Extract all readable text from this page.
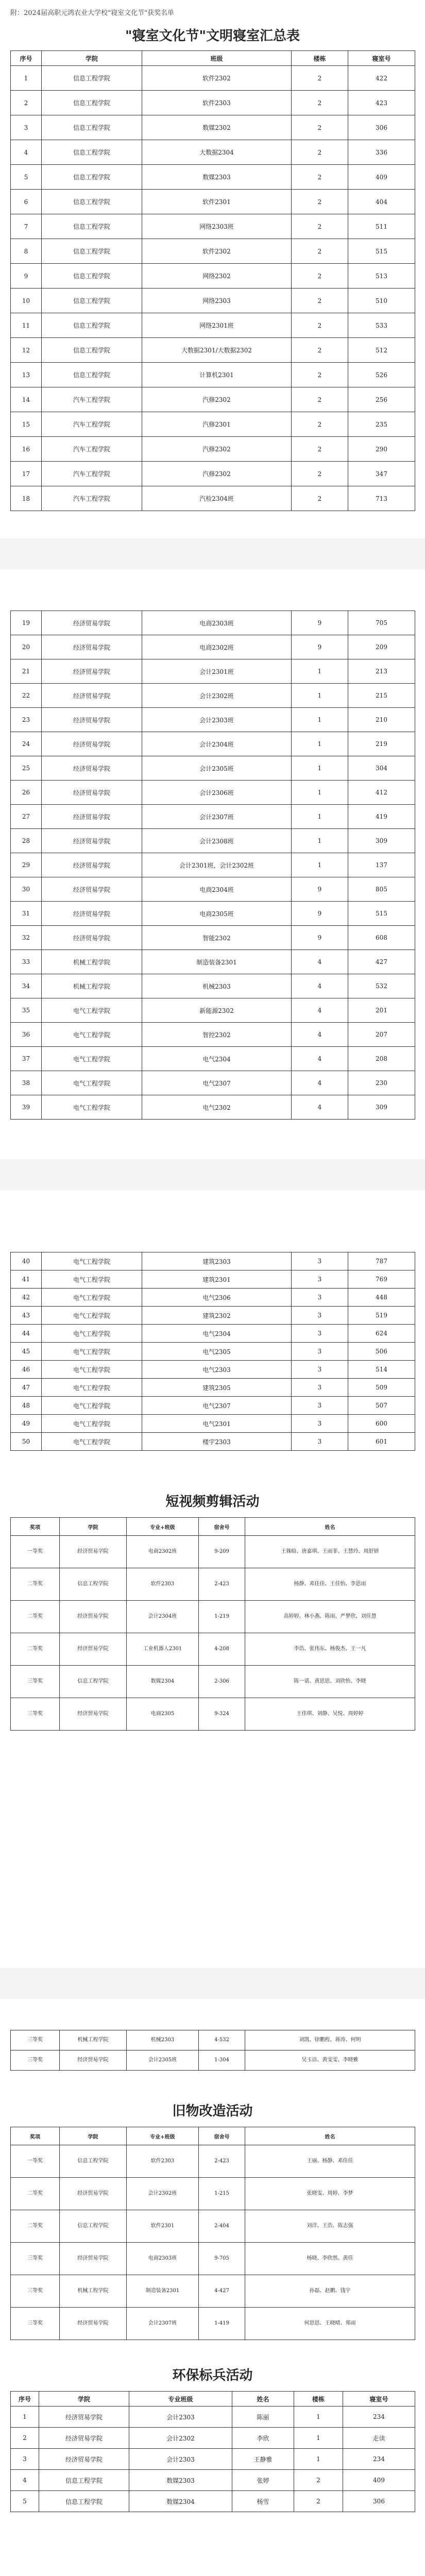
附：2024届高职元鸿农业大学校"寝室文化节"获奖名单
"寝室文化节"文明寝室汇总表
序号	学院	班级	楼栋	寝室号
1	信息工程学院	软件2302	2	422
2	信息工程学院	软件2303	2	423
3	信息工程学院	数媒2302	2	306
4	信息工程学院	大数据2304	2	336
5	信息工程学院	数媒2303	2	409
6	信息工程学院	软件2301	2	404
7	信息工程学院	网络2303班	2	511
8	信息工程学院	软件2302	2	515
9	信息工程学院	网络2302	2	513
10	信息工程学院	网络2303	2	510
11	信息工程学院	网络2301班	2	533
12	信息工程学院	大数据2301/大数据2302	2	512
13	信息工程学院	计算机2301	2	526
14	汽车工程学院	汽修2302	2	256
15	汽车工程学院	汽修2301	2	235
16	汽车工程学院	汽修2302	2	290
17	汽车工程学院	汽修2302	2	347
18	汽车工程学院	汽检2304班	2	713
19	经济贸易学院	电商2303班	9	705
20	经济贸易学院	电商2302班	9	209
21	经济贸易学院	会计2301班	1	213
22	经济贸易学院	会计2302班	1	215
23	经济贸易学院	会计2303班	1	210
24	经济贸易学院	会计2304班	1	219
25	经济贸易学院	会计2305班	1	304
26	经济贸易学院	会计2306班	1	412
27	经济贸易学院	会计2307班	1	419
28	经济贸易学院	会计2308班	1	309
29	经济贸易学院	会计2301班，会计2302班	1	137
30	经济贸易学院	电商2304班	9	805
31	经济贸易学院	电商2305班	9	515
32	经济贸易学院	智能2302	9	608
33	机械工程学院	制造装备2301	4	427
34	机械工程学院	机械2303	4	532
35	电气工程学院	新能源2302	4	201
36	电气工程学院	智控2302	4	207
37	电气工程学院	电气2304	4	208
38	电气工程学院	电气2307	4	230
39	电气工程学院	电气2302	4	309
40	电气工程学院	建筑2303	3	787
41	电气工程学院	建筑2301	3	769
42	电气工程学院	电气2306	3	448
43	电气工程学院	建筑2302	3	519
44	电气工程学院	电气2304	3	624
45	电气工程学院	电气2305	3	506
46	电气工程学院	电气2303	3	514
47	电气工程学院	建筑2305	3	509
48	电气工程学院	电气2307	3	507
49	电气工程学院	电气2301	3	600
50	电气工程学院	楼宇2303	3	601
短视频剪辑活动
奖项	学院	专业+班级	宿舍号	姓名
一等奖	经济贸易学院	电商2302班	9-209	王姝晗、唐嘉琪、王雨菲、王慧玲、周舒妍
二等奖	信息工程学院	软件2303	2-423	杨静、邓佳佳、王佳怡、李思雨
二等奖	经济贸易学院	会计2304班	1-219	高婷婷、林小燕、陈雨、严梦欣、刘佳慧
二等奖	经济贸易学院	工业机器人2301	4-208	李浩、张伟东、杨俊杰、王一凡
三等奖	信息工程学院	数媒2304	2-306	陈一诺、黄思思、刘欣怡、李晓
三等奖	经济贸易学院	电商2305	9-324	王佳琪、刘静、吴悦、周婷婷
三等奖	机械工程学院	机械2303	4-532	刘凯、徐鹏程、蒋涛、何明
三等奖	经济贸易学院	会计2305班	1-304	吴玉洁、黄雯雯、李晓雅
旧物改造活动
奖项	学院	专业+班级	宿舍号	姓名
一等奖	信息工程学院	软件2303	2-423	王丽、杨静、邓佳佳
二等奖	经济贸易学院	会计2302班	1-215	张晓雯、周婷、李梦
二等奖	信息工程学院	软件2301	2-404	刘洋、王浩、陈志强
三等奖	经济贸易学院	电商2303班	9-705	杨晓、李欣然、黄佳
三等奖	机械工程学院	制造装备2301	4-427	孙磊、赵鹏、钱宇
三等奖	经济贸易学院	会计2307班	1-419	何思思、王晓晴、郑雨
环保标兵活动
序号	学院	专业班级	姓名	楼栋	寝室号
1	经济贸易学院	会计2303	陈丽	1	234
2	经济贸易学院	会计2302	李欣	1	走读
3	经济贸易学院	会计2303	王静雅	1	234
4	信息工程学院	数媒2303	张婷	2	409
5	信息工程学院	数媒2304	杨雪	2	306
